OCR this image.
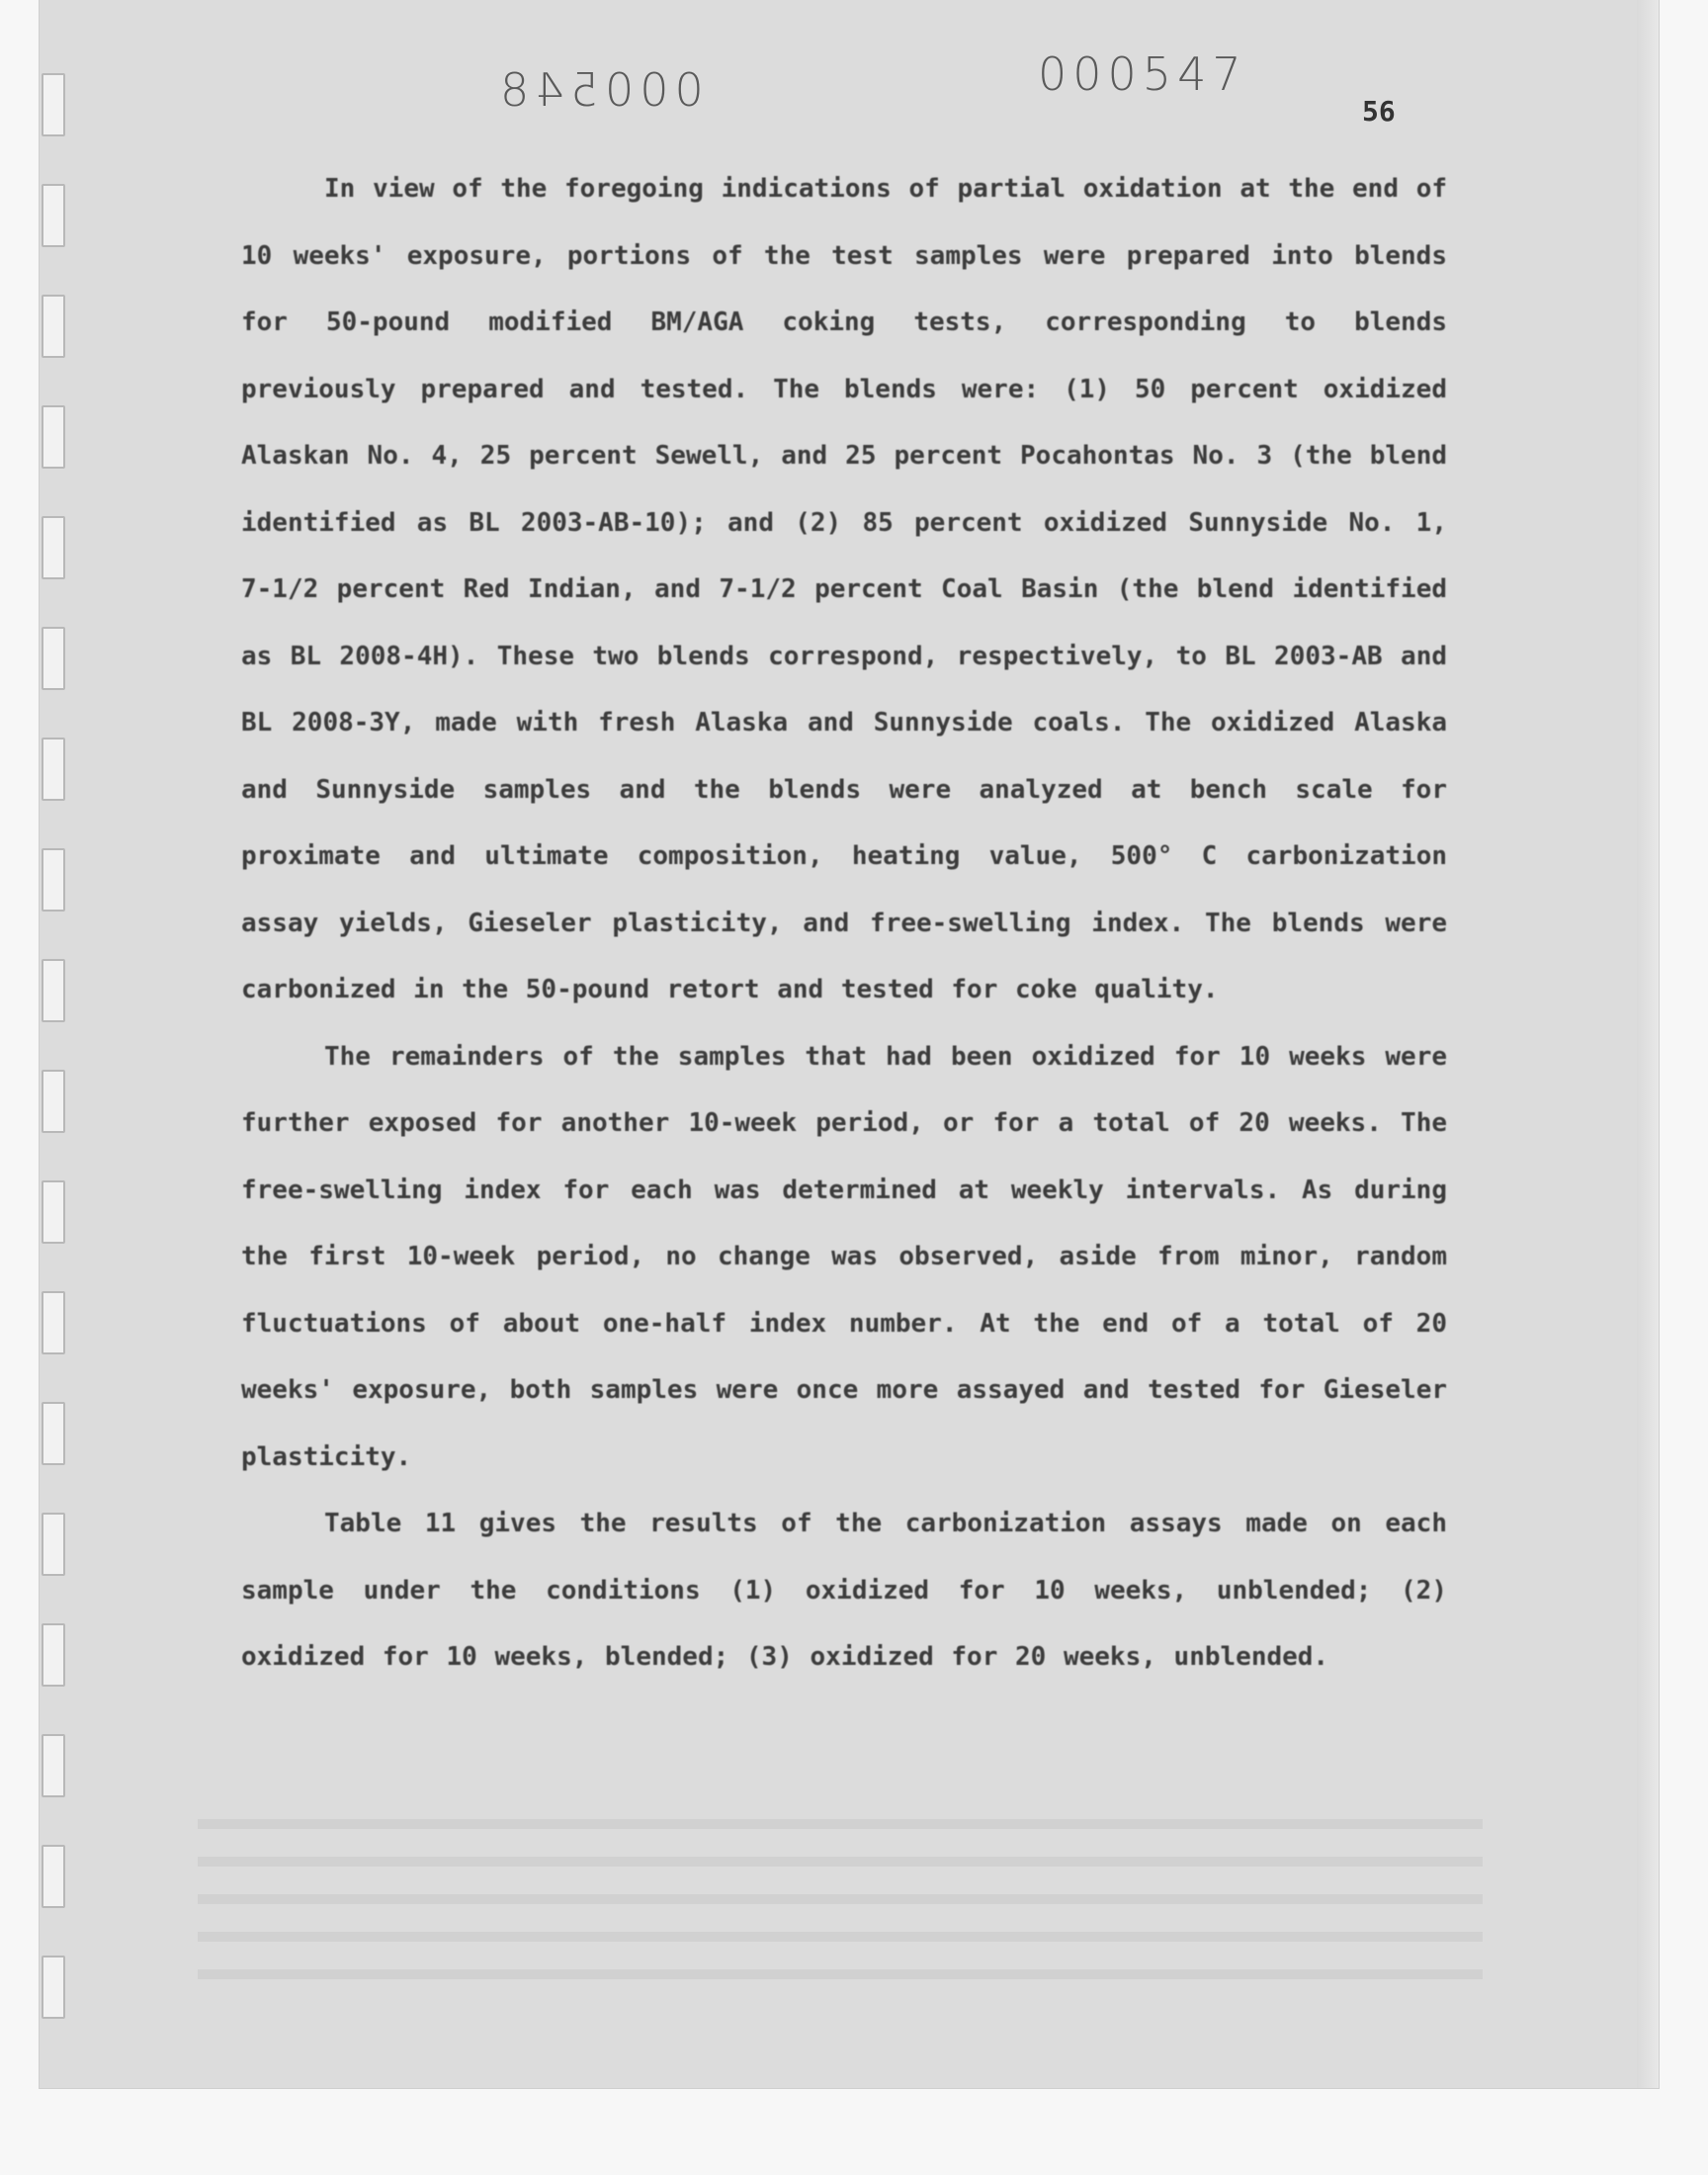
000548	000547
56

In view of the foregoing indications of partial oxidation at the end of 10 weeks' exposure, portions of the test samples were prepared into blends for 50-pound modified BM/AGA coking tests, corresponding to blends previously prepared and tested. The blends were: (1) 50 percent oxidized Alaskan No. 4, 25 percent Sewell, and 25 percent Pocahontas No. 3 (the blend identified as BL 2003-AB-10); and (2) 85 percent oxidized Sunnyside No. 1, 7-1/2 percent Red Indian, and 7-1/2 percent Coal Basin (the blend identified as BL 2008-4H). These two blends correspond, respectively, to BL 2003-AB and BL 2008-3Y, made with fresh Alaska and Sunnyside coals. The oxidized Alaska and Sunnyside samples and the blends were analyzed at bench scale for proximate and ultimate composition, heating value, 500° C carbonization assay yields, Gieseler plasticity, and free-swelling index. The blends were carbonized in the 50-pound retort and tested for coke quality.

The remainders of the samples that had been oxidized for 10 weeks were further exposed for another 10-week period, or for a total of 20 weeks. The free-swelling index for each was determined at weekly intervals. As during the first 10-week period, no change was observed, aside from minor, random fluctuations of about one-half index number. At the end of a total of 20 weeks' exposure, both samples were once more assayed and tested for Gieseler plasticity.

Table 11 gives the results of the carbonization assays made on each sample under the conditions (1) oxidized for 10 weeks, unblended; (2) oxidized for 10 weeks, blended; (3) oxidized for 20 weeks, unblended.
